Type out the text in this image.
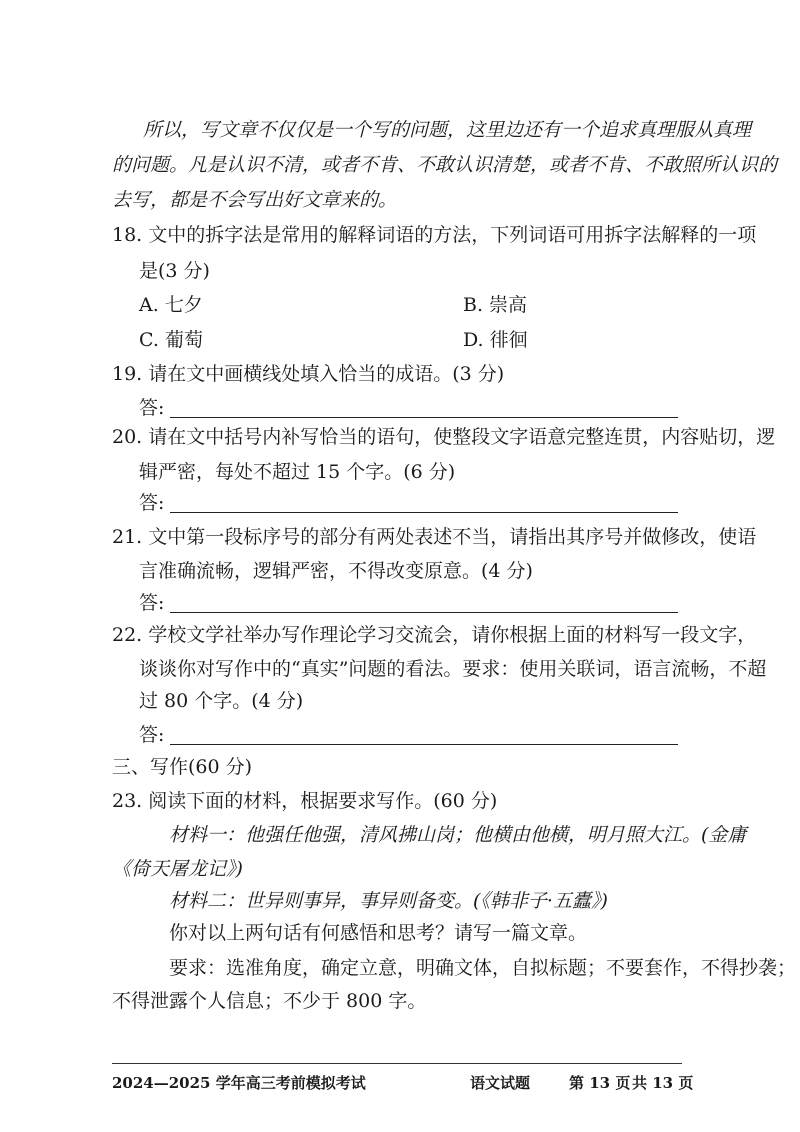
所以，写文章不仅仅是一个写的问题，这里边还有一个追求真理服从真理
的问题。凡是认识不清，或者不肯、不敢认识清楚，或者不肯、不敢照所认识的
去写，都是不会写出好文章来的。
18. 文中的拆字法是常用的解释词语的方法，下列词语可用拆字法解释的一项
是(3 分)
A. 七夕	B. 崇高
C. 葡萄	D. 徘徊
19. 请在文中画横线处填入恰当的成语。(3 分)
答:
20. 请在文中括号内补写恰当的语句，使整段文字语意完整连贯，内容贴切，逻
辑严密，每处不超过 15 个字。(6 分)
答:
21. 文中第一段标序号的部分有两处表述不当，请指出其序号并做修改，使语
言准确流畅，逻辑严密，不得改变原意。(4 分)
答:
22. 学校文学社举办写作理论学习交流会，请你根据上面的材料写一段文字，
谈谈你对写作中的“真实”问题的看法。要求：使用关联词，语言流畅，不超
过 80 个字。(4 分)
答:
三、写作(60 分)
23. 阅读下面的材料，根据要求写作。(60 分)
材料一：他强任他强，清风拂山岗；他横由他横，明月照大江。(金庸
《倚天屠龙记》)
材料二：世异则事异，事异则备变。(《韩非子·五蠹》)
你对以上两句话有何感悟和思考？请写一篇文章。
要求：选准角度，确定立意，明确文体，自拟标题；不要套作，不得抄袭；
不得泄露个人信息；不少于 800 字。
2024—2025 学年高三考前模拟考试	语文试题	第 13 页 共 13 页
